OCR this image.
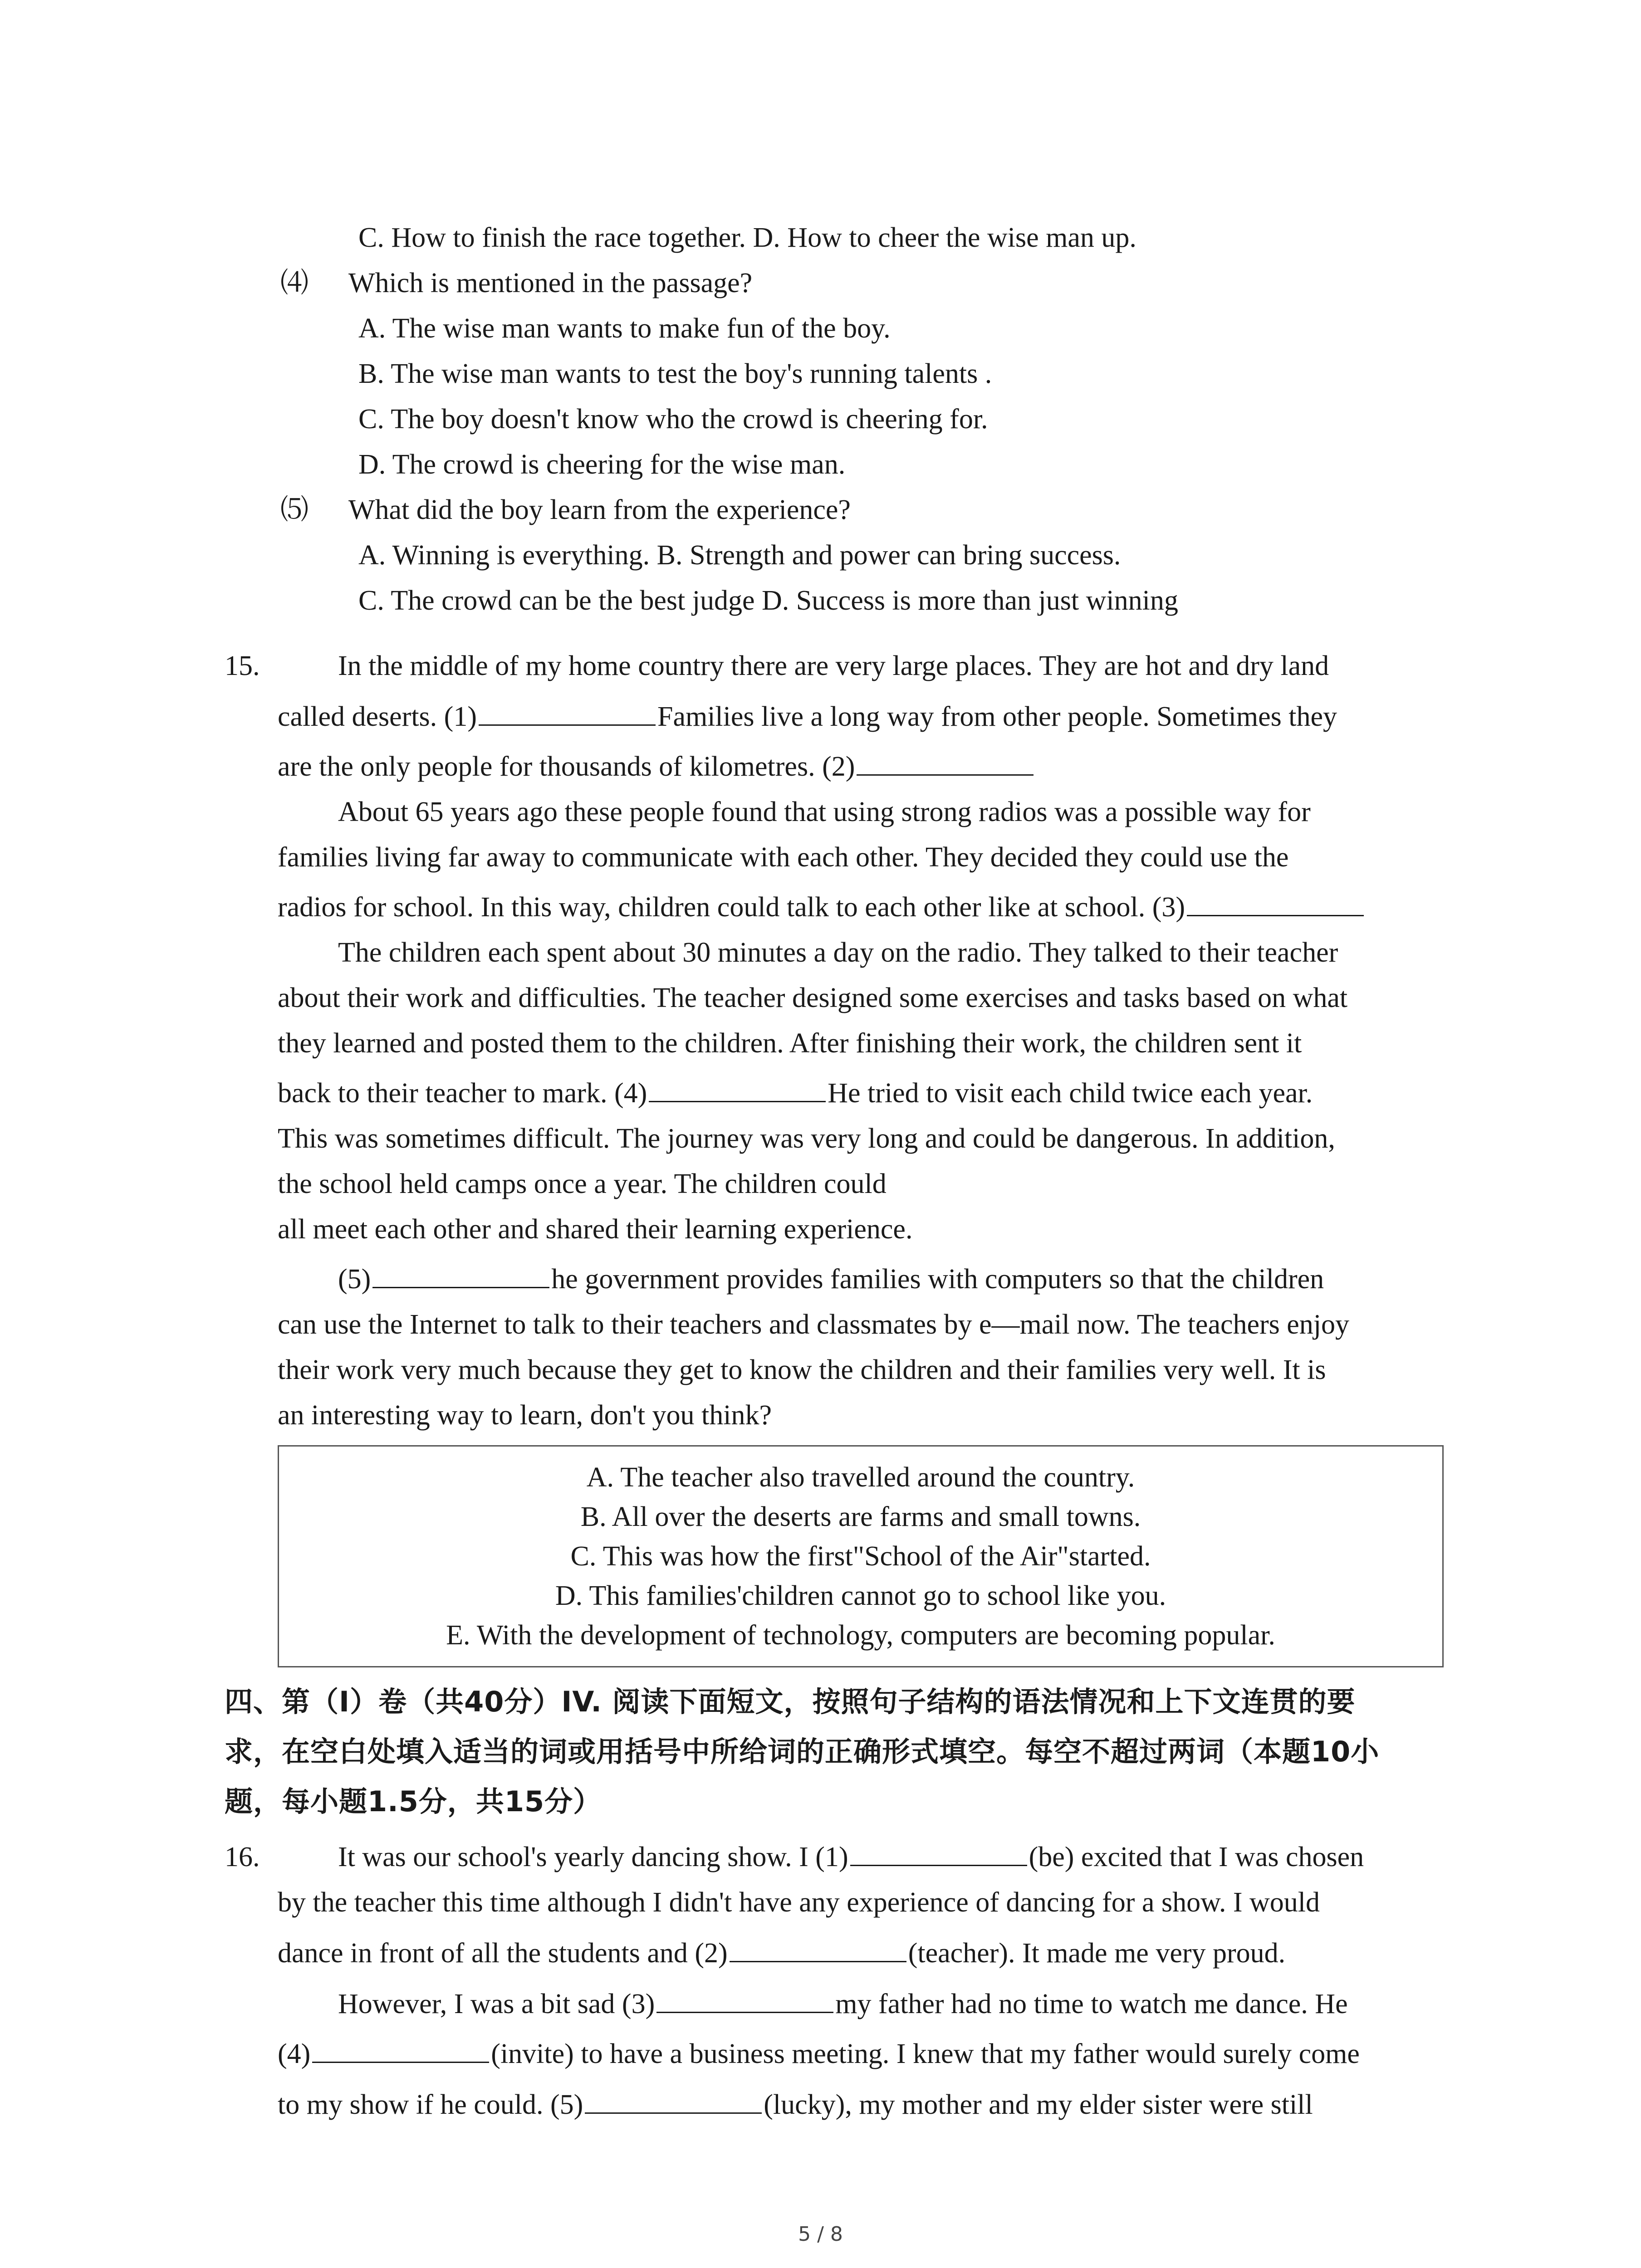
C. How to finish the race together. D. How to cheer the wise man up.
⑷ Which is mentioned in the passage?
A. The wise man wants to make fun of the boy.
B. The wise man wants to test the boy's running talents .
C. The boy doesn't know who the crowd is cheering for.
D. The crowd is cheering for the wise man.
⑸ What did the boy learn from the experience?
A. Winning is everything. B. Strength and power can bring success.
C. The crowd can be the best judge D. Success is more than just winning
15.	In the middle of my home country there are very large places. They are hot and dry land
called deserts. (1)	Families live a long way from other people. Sometimes they
are the only people for thousands of kilometres. (2)
About 65 years ago these people found that using strong radios was a possible way for
families living far away to communicate with each other. They decided they could use the
radios for school. In this way, children could talk to each other like at school. (3)
The children each spent about 30 minutes a day on the radio. They talked to their teacher
about their work and difficulties. The teacher designed some exercises and tasks based on what
they learned and posted them to the children. After finishing their work, the children sent it
back to their teacher to mark. (4)	He tried to visit each child twice each year.
This was sometimes difficult. The journey was very long and could be dangerous. In addition,
the school held camps once a year. The children could
all meet each other and shared their learning experience.
(5)	he government provides families with computers so that the children
can use the Internet to talk to their teachers and classmates by e—mail now. The teachers enjoy
their work very much because they get to know the children and their families very well. It is
an interesting way to learn, don't you think?
A. The teacher also travelled around the country.
B. All over the deserts are farms and small towns.
C. This was how the first"School of the Air"started.
D. This families'children cannot go to school like you.
E. With the development of technology, computers are becoming popular.
四、第（Ⅰ）卷（共40分）IV. 阅读下面短文，按照句子结构的语法情况和上下文连贯的要
求，在空白处填入适当的词或用括号中所给词的正确形式填空。每空不超过两词（本题10小
题，每小题1.5分，共15分）
16.	It was our school's yearly dancing show. I (1)	(be) excited that I was chosen
by the teacher this time although I didn't have any experience of dancing for a show. I would
dance in front of all the students and (2)	(teacher). It made me very proud.
However, I was a bit sad (3)	my father had no time to watch me dance. He
(4)	(invite) to have a business meeting. I knew that my father would surely come
to my show if he could. (5)	(lucky), my mother and my elder sister were still
5 / 8
